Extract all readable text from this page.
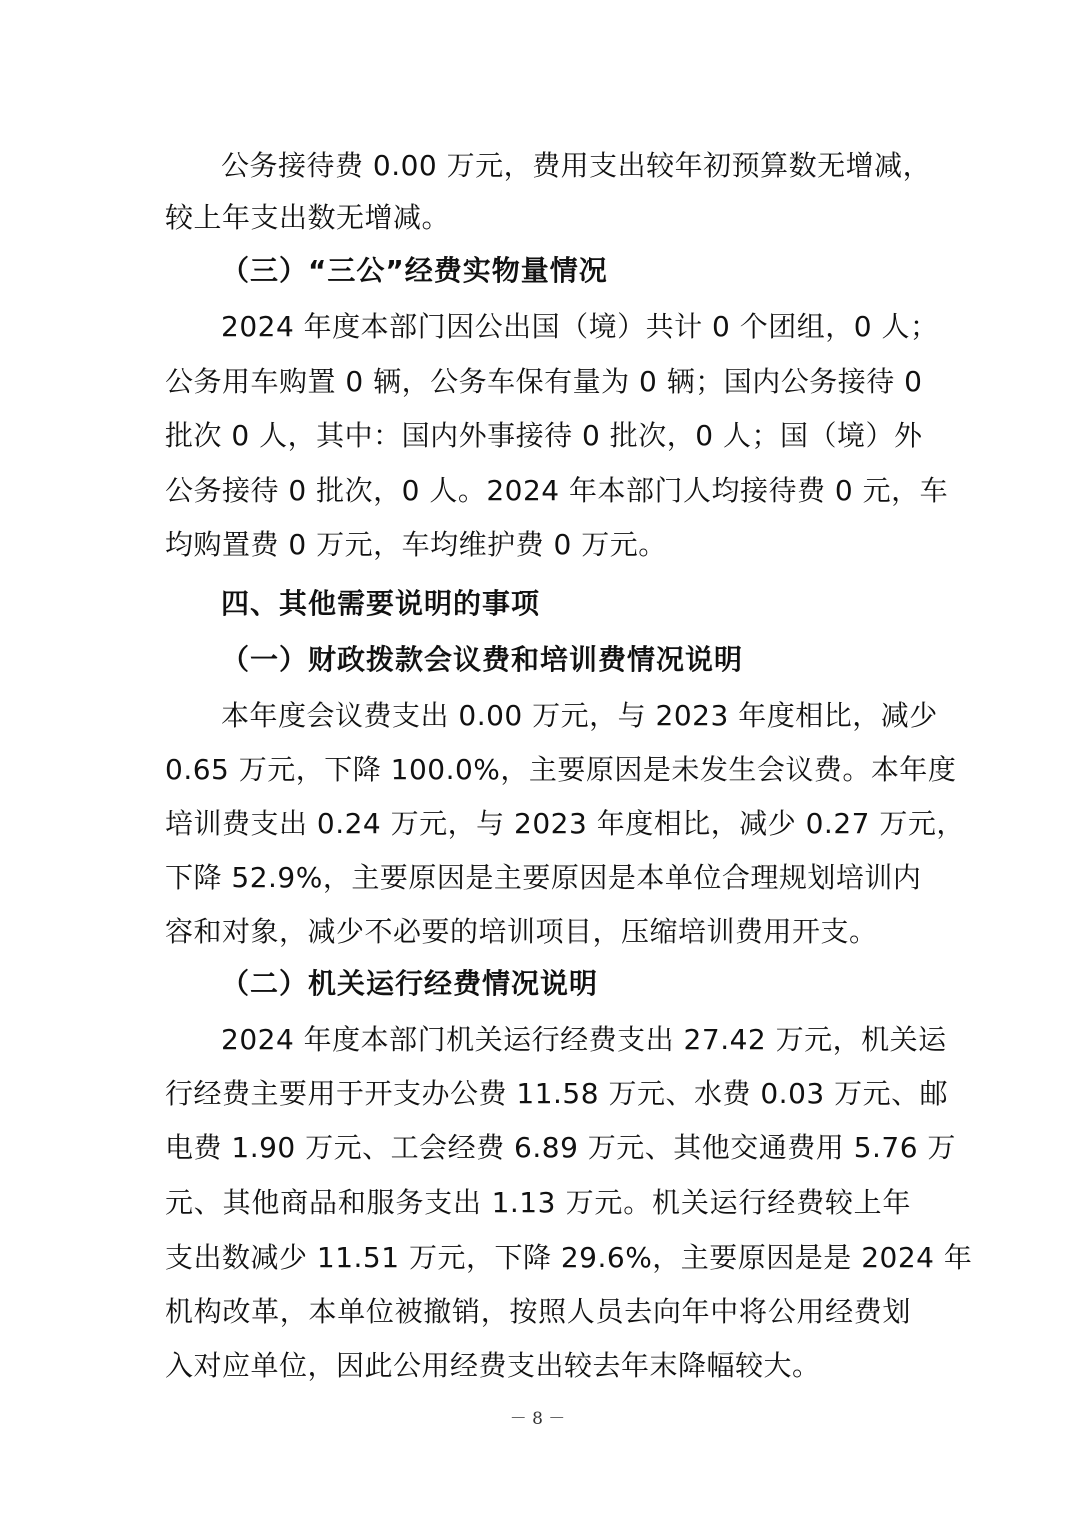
公务接待费 0.00 万元，费用支出较年初预算数无增减，
较上年支出数无增减。
（三）“三公”经费实物量情况
2024 年度本部门因公出国（境）共计 0 个团组，0 人；
公务用车购置 0 辆，公务车保有量为 0 辆；国内公务接待 0
批次 0 人，其中：国内外事接待 0 批次，0 人；国（境）外
公务接待 0 批次，0 人。2024 年本部门人均接待费 0 元，车
均购置费 0 万元，车均维护费 0 万元。
四、其他需要说明的事项
（一）财政拨款会议费和培训费情况说明
本年度会议费支出 0.00 万元，与 2023 年度相比，减少
0.65 万元，下降 100.0%，主要原因是未发生会议费。本年度
培训费支出 0.24 万元，与 2023 年度相比，减少 0.27 万元，
下降 52.9%，主要原因是主要原因是本单位合理规划培训内
容和对象，减少不必要的培训项目，压缩培训费用开支。
（二）机关运行经费情况说明
2024 年度本部门机关运行经费支出 27.42 万元，机关运
行经费主要用于开支办公费 11.58 万元、水费 0.03 万元、邮
电费 1.90 万元、工会经费 6.89 万元、其他交通费用 5.76 万
元、其他商品和服务支出 1.13 万元。机关运行经费较上年
支出数减少 11.51 万元，下降 29.6%，主要原因是是 2024 年
机构改革，本单位被撤销，按照人员去向年中将公用经费划
入对应单位，因此公用经费支出较去年末降幅较大。
－ 8 －
